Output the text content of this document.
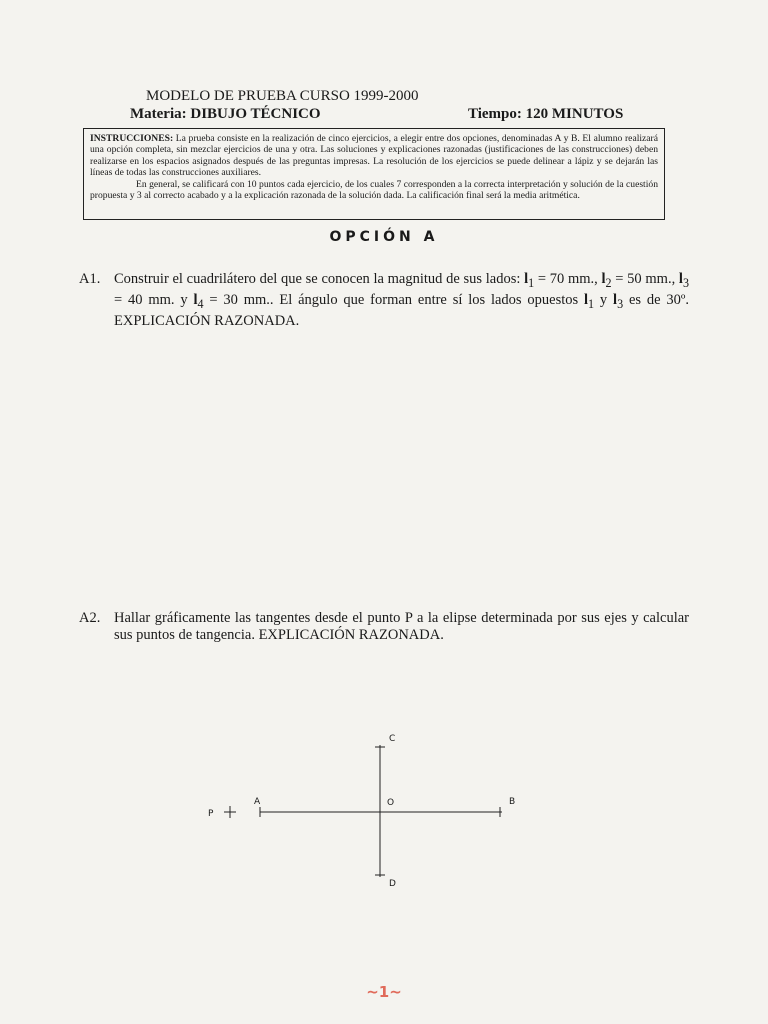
MODELO DE PRUEBA CURSO 1999-2000
Materia: DIBUJO TÉCNICO	Tiempo: 120 MINUTOS

INSTRUCCIONES: La prueba consiste en la realización de cinco ejercicios, a elegir entre dos opciones, denominadas A y B. El alumno realizará una opción completa, sin mezclar ejercicios de una y otra. Las soluciones y explicaciones razonadas (justificaciones de las construcciones) deben realizarse en los espacios asignados después de las preguntas impresas. La resolución de los ejercicios se puede delinear a lápiz y se dejarán las líneas de todas las construcciones auxiliares.

En general, se calificará con 10 puntos cada ejercicio, de los cuales 7 corresponden a la correcta interpretación y solución de la cuestión propuesta y 3 al correcto acabado y a la explicación razonada de la solución dada. La calificación final será la media aritmética.

OPCIÓN A
A1. Construir el cuadrilátero del que se conocen la magnitud de sus lados: $l_1 = 70$ mm., $l_2 = 50$ mm., $l_3 = 40$ mm. y $l_4 = 30$ mm.. El ángulo que forman entre sí los lados opuestos $l_1$ y $l_3$ es de 30º. EXPLICACIÓN RAZONADA.
A2. Hallar gráficamente las tangentes desde el punto P a la elipse determinada por sus ejes y calcular sus puntos de tangencia. EXPLICACIÓN RAZONADA.
P
A	B
C
D
O
~1~
